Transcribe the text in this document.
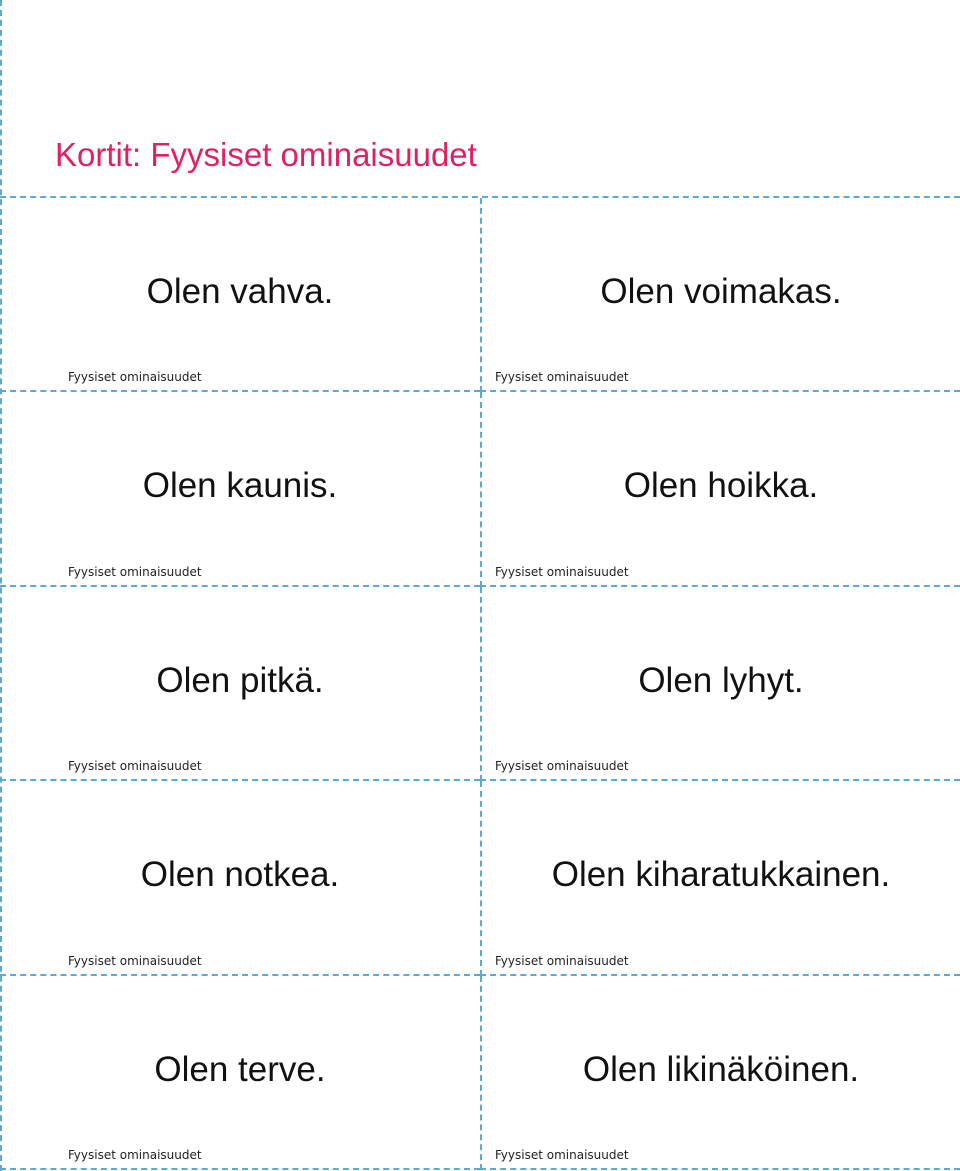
Kortit: Fyysiset ominaisuudet
Olen vahva.
Fyysiset ominaisuudet
Olen voimakas.
Fyysiset ominaisuudet
Olen kaunis.
Fyysiset ominaisuudet
Olen hoikka.
Fyysiset ominaisuudet
Olen pitkä.
Fyysiset ominaisuudet
Olen lyhyt.
Fyysiset ominaisuudet
Olen notkea.
Fyysiset ominaisuudet
Olen kiharatukkainen.
Fyysiset ominaisuudet
Olen terve.
Fyysiset ominaisuudet
Olen likinäköinen.
Fyysiset ominaisuudet
